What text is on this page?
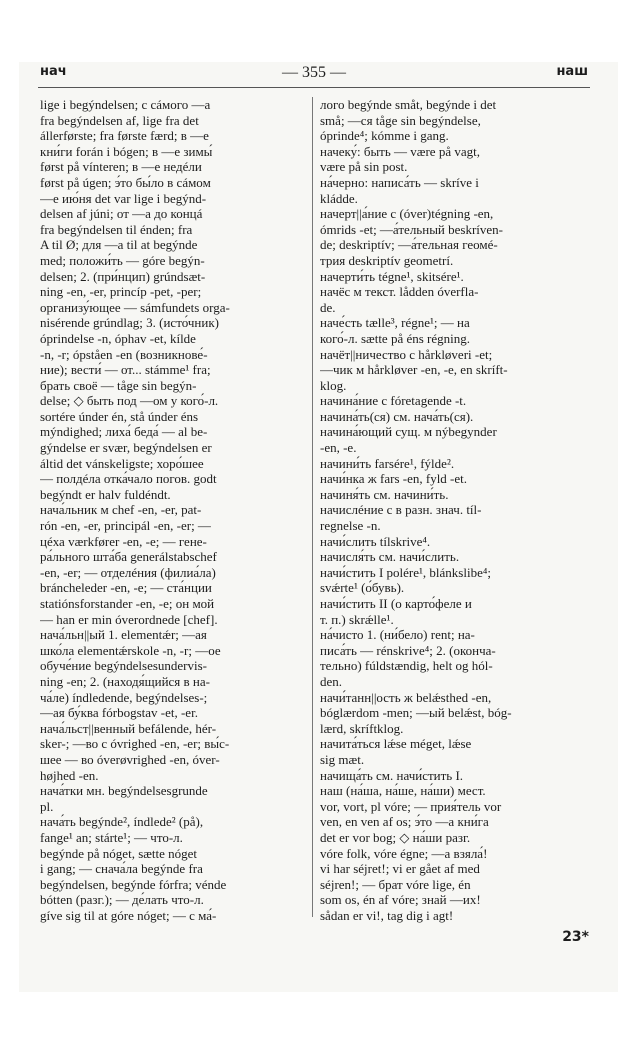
нач	— 355 —	наш
lige i begýndelsen; с сáмого —а
fra begýndelsen af, lige fra det
állerførste; fra første færd; в —е
кни́ги forán i bógen; в —е зимы́
først på vínteren; в —е недéли
først på úgen; э́то бы́ло в сáмом
—е ию́ня det var lige i begýnd-
delsen af júni; от —а до концá
fra begýndelsen til énden; fra
A til Ø; для —а til at begýnde
med; положи́ть — góre begýn-
delsen; 2. (при́нцип) grúndsæt-
ning -en, -er, princíp -pet, -per;
организу́ющее — sámfundets orga-
nisérende grúndlag; 3. (исто́чник)
óprindelse -n, óphav -et, kílde
-n, -r; ópståen -en (возникнове́-
ние); вести́ — от... stámme¹ fra;
брать своё — tåge sin begýn-
delse; ◇ быть под —ом у кого́-л.
sortére únder én, stå únder éns
mýndighed; лиха́ беда́ — al be-
gýndelse er svær, begýndelsen er
áltid det vánskeligste; хоро́шее
— полдéла отка́чало погов. godt
begýndt er halv fuldéndt.
нача́льник м chef -en, -er, pat-
rón -en, -er, principál -en, -er; —
цéха værkfører -en, -e; — гене-
ра́льного шта́ба generálstabschef
-en, -er; — отделéния (филиа́ла)
bráncheleder -en, -e; — ста́нции
statiónsforstander -en, -e; он мой
— han er min óverordnede [chef].
нача́льн||ый 1. elementǽr; —ая
шко́ла elementǽrskole -n, -r; —ое
обуче́ние begýndelsesundervis-
ning -en; 2. (находя́щийся в на-
ча́ле) índledende, begýndelses-;
—ая бу́ква fórbogstav -et, -er.
нача́льст||венный befálende, hér-
sker-; —во с óvrighed -en, -er; вы́с-
шее — во óverøvrighed -en, óver-
højhed -en.
нача́тки мн. begýndelsesgrunde
pl.
нача́ть begýnde², índlede² (på),
fange¹ an; stárte¹; — что-л.
begýnde på nóget, sætte nóget
i gang; — снача́ла begýnde fra
begýndelsen, begýnde fórfra; vénde
bótten (разг.); — де́лать что-л.
gíve sig til at góre nóget; — с ма́-
лого begýnde småt, begýnde i det
små; —ся tåge sin begýndelse,
óprinde⁴; kómme i gang.
начеку́: быть — være på vagt,
være på sin post.
на́черно: написа́ть — skríve i
kládde.
начерт||а́ние с (óver)tégning -en,
ómrids -et; —а́тельный beskríven-
de; deskriptív; —а́тельная геомé-
трия deskriptív geometrí.
начерти́ть tégne¹, skitsére¹.
начёс м текст. lådden óverfla-
de.
наче́сть tælle³, régne¹; — на
кого́-л. sætte på éns régning.
начёт||ничество с hårkløveri -et;
—чик м hårkløver -en, -e, en skríft-
klog.
начина́ние с fóretagende -t.
начина́ть(ся) см. нача́ть(ся).
начина́ющий сущ. м nýbegynder
-en, -e.
начини́ть farsére¹, fýlde².
начи́нка ж fars -en, fyld -et.
начиня́ть см. начини́ть.
начислéние с в разн. знач. tíl-
regnelse -n.
начи́слить tílskrive⁴.
начисля́ть см. начи́слить.
начи́стить I polére¹, blánkslibe⁴;
svǽrte¹ (о́бувь).
начи́стить II (о карто́феле и
т. п.) skrǽlle¹.
на́чисто 1. (ни́бело) rent; на-
писа́ть — rénskrive⁴; 2. (оконча-
тельно) fúldstændig, helt og hól-
den.
начи́танн||ость ж belǽsthed -en,
bóglærdom -men; —ый belǽst, bóg-
lærd, skríftklog.
начита́ться lǽse méget, lǽse
sig mæt.
начища́ть см. начи́стить I.
наш (на́ша, на́ше, на́ши) мест.
vor, vort, pl vóre; — прия́тель vor
ven, en ven af os; э́то —а кни́га
det er vor bog; ◇ на́ши разг.
vóre folk, vóre égne; —а взяла́!
vi har séjret!; vi er gået af med
séjren!; — брат vóre lige, én
som os, én af vóre; знай —их!
sådan er vi!, tag dig i agt!
23*
